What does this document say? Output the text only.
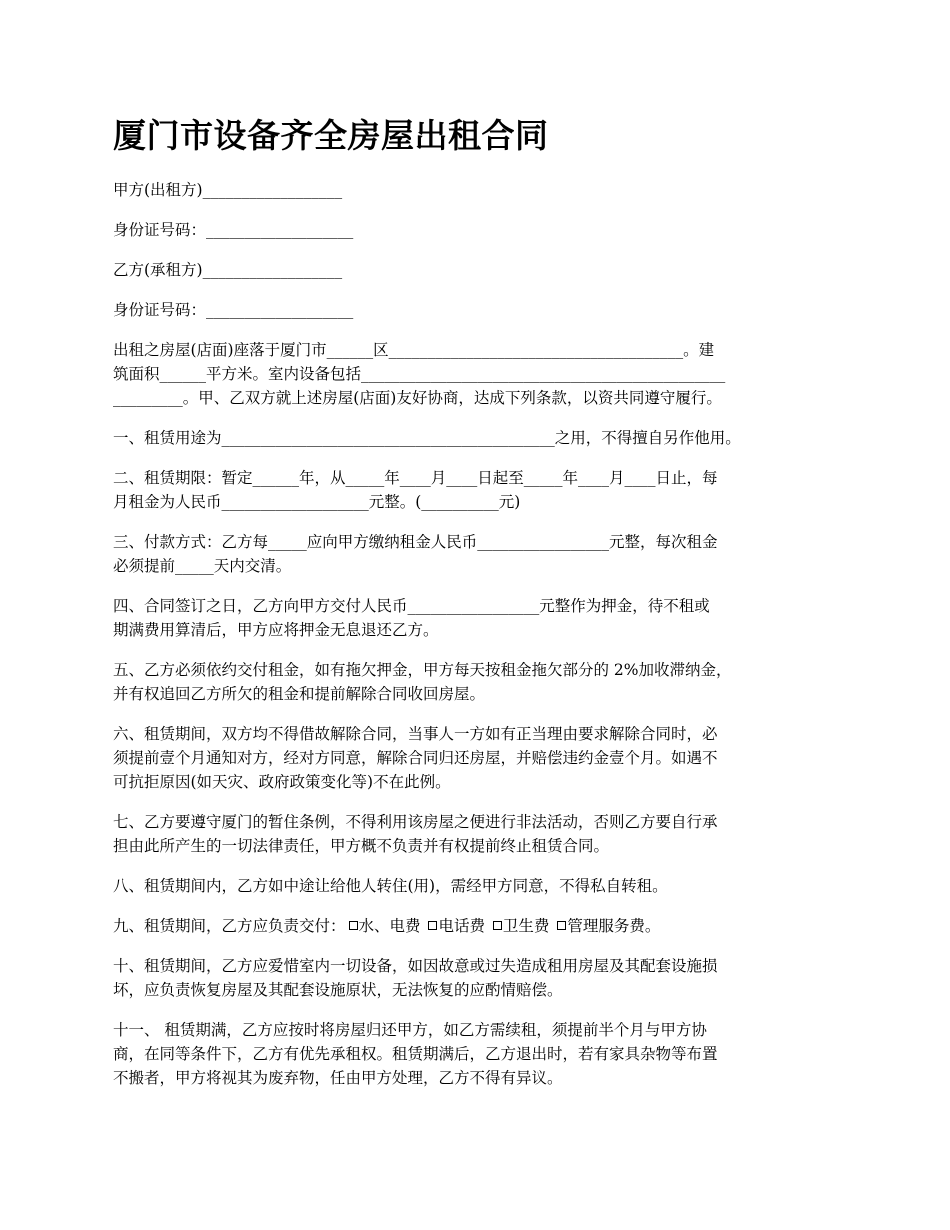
厦门市设备齐全房屋出租合同
甲方(出租方)__________________
身份证号码：___________________
乙方(承租方)__________________
身份证号码：___________________
出租之房屋(店面)座落于厦门市______区______________________________________。建
筑面积______平方米。室内设备包括_______________________________________________
_________。甲、乙双方就上述房屋(店面)友好协商，达成下列条款，以资共同遵守履行。
一、租赁用途为___________________________________________之用，不得擅自另作他用。
二、租赁期限：暂定______年，从_____年____月____日起至_____年____月____日止，每
月租金为人民币___________________元整。(__________元)
三、付款方式：乙方每_____应向甲方缴纳租金人民币_________________元整，每次租金
必须提前_____天内交清。
四、合同签订之日，乙方向甲方交付人民币_________________元整作为押金，待不租或
期满费用算清后，甲方应将押金无息退还乙方。
五、乙方必须依约交付租金，如有拖欠押金，甲方每天按租金拖欠部分的 2%加收滞纳金，
并有权追回乙方所欠的租金和提前解除合同收回房屋。
六、租赁期间，双方均不得借故解除合同，当事人一方如有正当理由要求解除合同时，必
须提前壹个月通知对方，经对方同意，解除合同归还房屋，并赔偿违约金壹个月。如遇不
可抗拒原因(如天灾、政府政策变化等)不在此例。
七、乙方要遵守厦门的暂住条例，不得利用该房屋之便进行非法活动，否则乙方要自行承
担由此所产生的一切法律责任，甲方概不负责并有权提前终止租赁合同。
八、租赁期间内，乙方如中途让给他人转住(用)，需经甲方同意，不得私自转租。
九、租赁期间，乙方应负责交付： 水、电费 电话费 卫生费 管理服务费。
十、租赁期间，乙方应爱惜室内一切设备，如因故意或过失造成租用房屋及其配套设施损
坏，应负责恢复房屋及其配套设施原状，无法恢复的应酌情赔偿。
十一、 租赁期满，乙方应按时将房屋归还甲方，如乙方需续租，须提前半个月与甲方协
商，在同等条件下，乙方有优先承租权。租赁期满后，乙方退出时，若有家具杂物等布置
不搬者，甲方将视其为废弃物，任由甲方处理，乙方不得有异议。
